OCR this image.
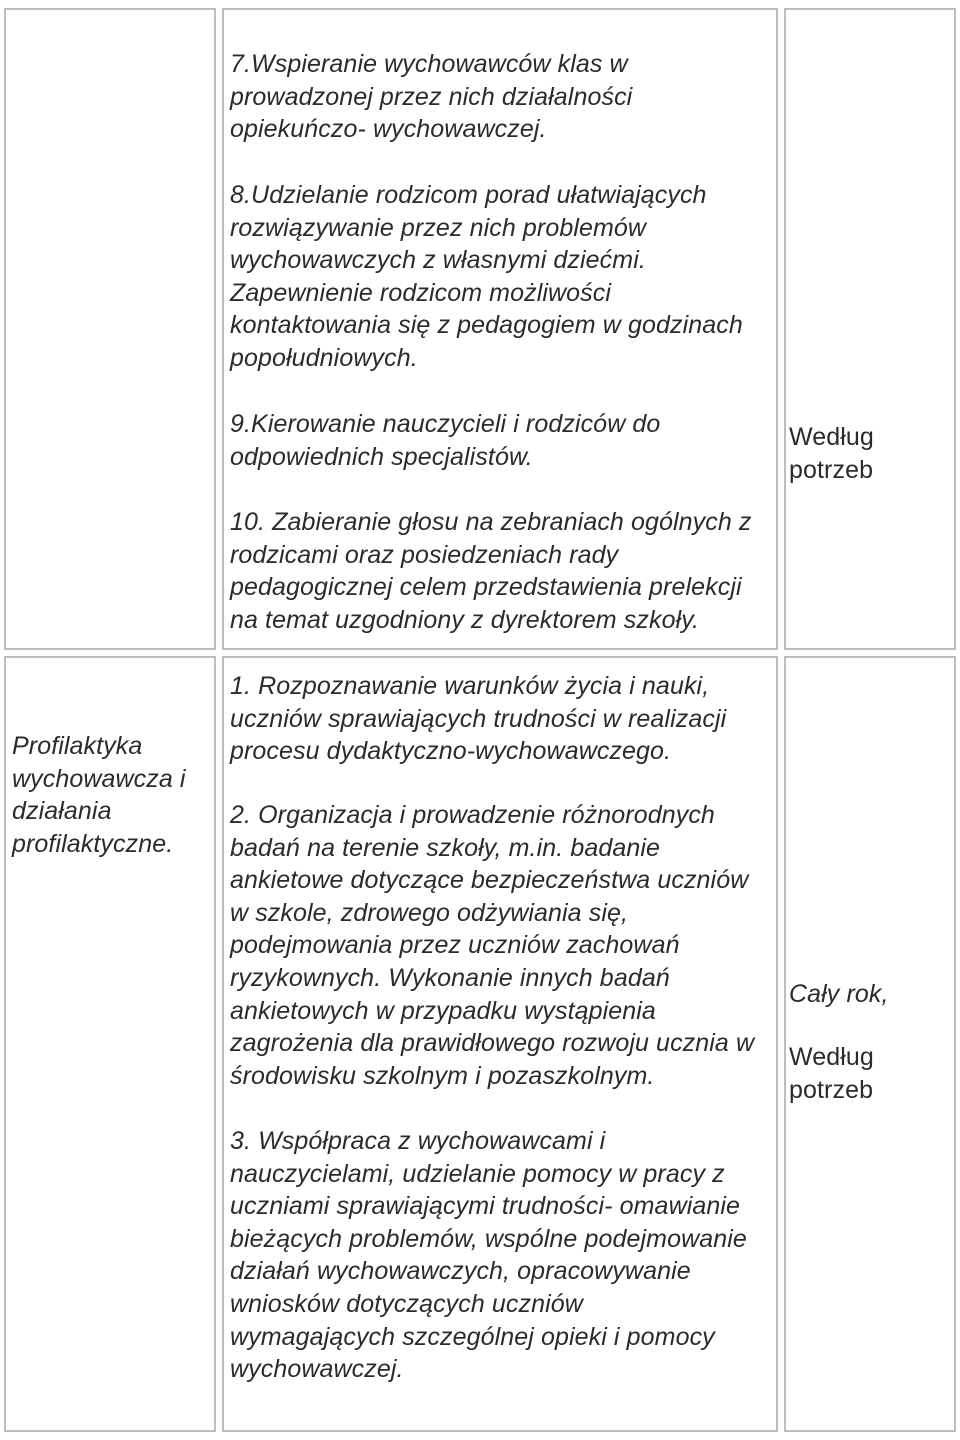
7.Wspieranie wychowawców klas w prowadzonej przez nich działalności opiekuńczo- wychowawczej.
8.Udzielanie rodzicom porad ułatwiających rozwiązywanie przez nich problemów wychowawczych z własnymi dziećmi. Zapewnienie rodzicom możliwości kontaktowania się z pedagogiem w godzinach popołudniowych.
9.Kierowanie nauczycieli i rodziców do odpowiednich specjalistów.
10. Zabieranie głosu na zebraniach ogólnych z rodzicami oraz posiedzeniach rady pedagogicznej celem przedstawienia prelekcji na temat uzgodniony z dyrektorem szkoły.
Według potrzeb
Profilaktyka wychowawcza i działania profilaktyczne.
1. Rozpoznawanie warunków życia i nauki, uczniów sprawiających trudności w realizacji procesu dydaktyczno-wychowawczego.
2. Organizacja i prowadzenie różnorodnych badań na terenie szkoły, m.in. badanie ankietowe dotyczące bezpieczeństwa uczniów w szkole, zdrowego odżywiania się, podejmowania przez uczniów zachowań ryzykownych. Wykonanie innych badań ankietowych w przypadku wystąpienia zagrożenia dla prawidłowego rozwoju ucznia w środowisku szkolnym i pozaszkolnym.
3. Współpraca z wychowawcami i nauczycielami, udzielanie pomocy w pracy z uczniami sprawiającymi trudności- omawianie bieżących problemów, wspólne podejmowanie działań wychowawczych, opracowywanie wniosków dotyczących uczniów wymagających szczególnej opieki i pomocy wychowawczej.
Cały rok,
Według potrzeb
